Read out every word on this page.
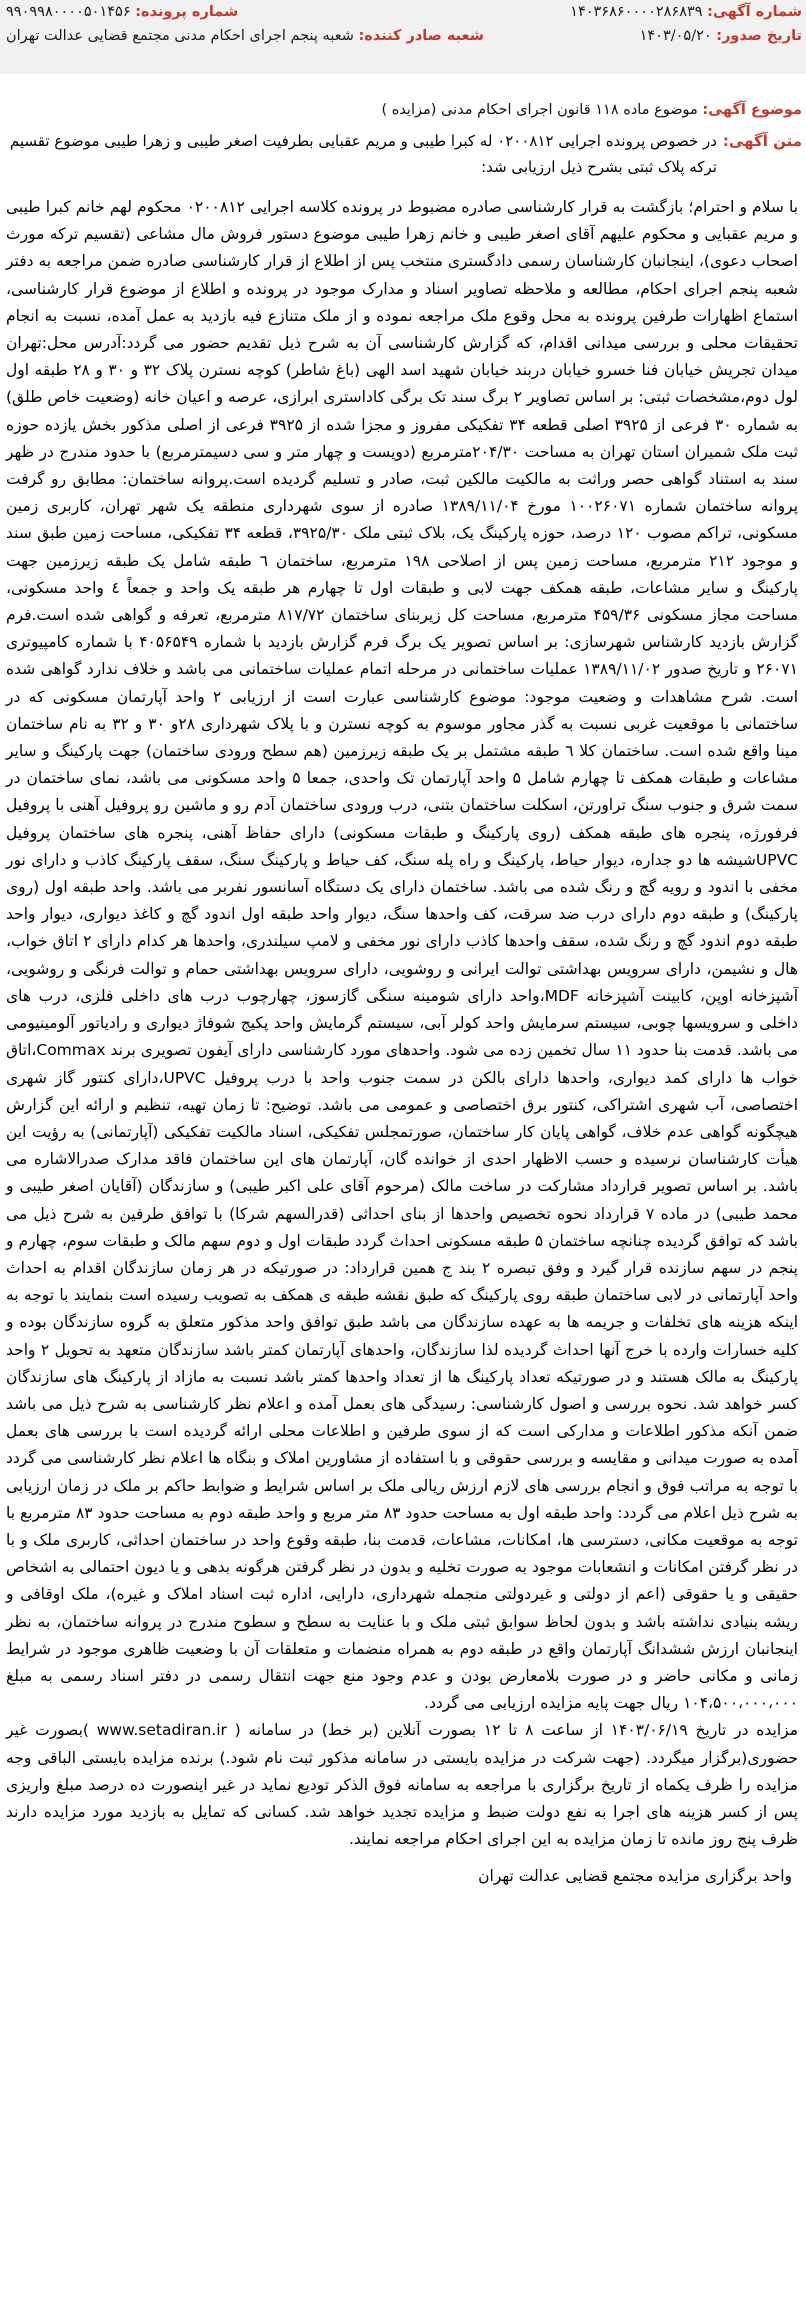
شماره آگهی: ۱۴۰۳۶۸۶۰۰۰۰۲۸۶۸۳۹
شماره پرونده: ۹۹۰۹۹۸۰۰۰۰۵۰۱۴۵۶
تاریخ صدور: ۱۴۰۳/۰۵/۲۰
شعبه صادر کننده: شعبه پنجم اجرای احکام مدنی مجتمع قضایی عدالت تهران
موضوع آگهی: موضوع ماده ۱۱۸ قانون اجرای احکام مدنی (مزایده )
متن آگهی:
در خصوص پرونده اجرایی ۰۲۰۰۸۱۲ له کبرا طیبی و مریم عقبایی بطرفیت اصغر طیبی و زهرا طیبی موضوع تقسیم ترکه پلاک ثبتی بشرح ذیل ارزیابی شد:

با سلام و احترام؛ بازگشت به قرار کارشناسی صادره مضبوط در پرونده کلاسه اجرایی ۰۲۰۰۸۱۲ محکوم لهم خانم کبرا طیبی و مریم عقبایی و محکوم علیهم آقای اصغر طیبی و خانم زهرا طیبی موضوع دستور فروش مال مشاعی (تقسیم ترکه مورث اصحاب دعوی)، اینجانبان کارشناسان رسمی دادگستری منتخب پس از اطلاع از قرار کارشناسی صادره ضمن مراجعه به دفتر شعبه پنجم اجرای احکام، مطالعه و ملاحظه تصاویر اسناد و مدارک موجود در پرونده و اطلاع از موضوع قرار کارشناسی، استماع اظهارات طرفین پرونده به محل وقوع ملک مراجعه نموده و از ملک متنازع فیه بازدید به عمل آمده، نسبت به انجام تحقیقات محلی و بررسی میدانی اقدام، که گزارش کارشناسی آن به شرح ذیل تقدیم حضور می گردد:آدرس محل:تهران میدان تجریش خیابان فنا خسرو خیابان دربند خیابان شهید اسد الهی (باغ شاطر) کوچه نسترن پلاک ۳۲ و ۳۰ و ۲۸ طبقه اول لول دوم،مشخصات ثبتی: بر اساس تصاویر ۲ برگ سند تک برگی کاداستری ابرازی، عرصه و اعیان خانه (وضعیت خاص طلق) به شماره ۳۰ فرعی از ۳۹۲۵ اصلی قطعه ۳۴ تفکیکی مفروز و مجزا شده از ۳۹۲۵ فرعی از اصلی مذکور بخش یازده حوزه ثبت ملک شمیران استان تهران به مساحت ۲۰۴/۳۰مترمربع (دویست و چهار متر و سی دسیمترمربع) با حدود مندرج در ظهر سند به استناد گواهی حصر وراثت به مالکیت مالکین ثبت، صادر و تسلیم گردیده است.پروانه ساختمان: مطابق رو گرفت پروانه ساختمان شماره ۱۰۰۲۶۰۷۱ مورخ ۱۳۸۹/۱۱/۰۴ صادره از سوی شهرداری منطقه یک شهر تهران، کاربری زمین مسکونی، تراکم مصوب ۱۲۰ درصد، حوزه پارکینگ یک، بلاک ثبتی ملک ۳۹۲۵/۳۰، قطعه ۳۴ تفکیکی، مساحت زمین طبق سند و موجود ۲۱۲ مترمربع، مساحت زمین پس از اصلاحی ۱۹۸ مترمربع، ساختمان ٦ طبقه شامل یک طبقه زیرزمین جهت پارکینگ و سایر مشاعات، طبقه همکف جهت لابی و طبقات اول تا چهارم هر طبقه یک واحد و جمعاً ٤ واحد مسکونی، مساحت مجاز مسکونی ۴۵۹/۳۶ مترمربع، مساحت کل زیربنای ساختمان ۸۱۷/۷۲ مترمربع، تعرفه و گواهی شده است.فرم گزارش بازدید کارشناس شهرسازی: بر اساس تصویر یک برگ فرم گزارش بازدید با شماره ۴۰۵۶۵۴۹ با شماره کامپیوتری ۲۶۰۷۱ و تاریخ صدور ۱۳۸۹/۱۱/۰۲ عملیات ساختمانی در مرحله اتمام عملیات ساختمانی می باشد و خلاف ندارد گواهی شده است. شرح مشاهدات و وضعیت موجود: موضوع کارشناسی عبارت است از ارزیابی ۲ واحد آپارتمان مسکونی که در ساختمانی با موقعیت غربی نسبت به گذر مجاور موسوم به کوچه نسترن و با پلاک شهرداری ۲۸و ۳۰ و ۳۲ به نام ساختمان مینا واقع شده است. ساختمان کلا ٦ طبقه مشتمل بر یک طبقه زیرزمین (هم سطح ورودی ساختمان) جهت پارکینگ و سایر مشاعات و طبقات همکف تا چهارم شامل ۵ واحد آپارتمان تک واحدی، جمعا ۵ واحد مسکونی می باشد، نمای ساختمان در سمت شرق و جنوب سنگ تراورتن، اسکلت ساختمان بتنی، درب ورودی ساختمان آدم رو و ماشین رو پروفیل آهنی با پروفیل فرفورژه، پنجره های طبقه همکف (روی پارکینگ و طبقات مسکونی) دارای حفاظ آهنی، پنجره های ساختمان پروفیل UPVCشیشه ها دو جداره، دیوار حیاط، پارکینگ و راه پله سنگ، کف حیاط و پارکینگ سنگ، سقف پارکینگ کاذب و دارای نور مخفی با اندود و رویه گچ و رنگ شده می باشد. ساختمان دارای یک دستگاه آسانسور نفربر می باشد. واحد طبقه اول (روی پارکینگ) و طبقه دوم دارای درب ضد سرقت، کف واحدها سنگ، دیوار واحد طبقه اول اندود گچ و کاغذ دیواری، دیوار واحد طبقه دوم اندود گچ و رنگ شده، سقف واحدها کاذب دارای نور مخفی و لامپ سیلندری، واحدها هر کدام دارای ۲ اتاق خواب، هال و نشیمن، دارای سرویس بهداشتی توالت ایرانی و روشویی، دارای سرویس بهداشتی حمام و توالت فرنگی و روشویی، آشپزخانه اوپن، کابینت آشپزخانه MDF،واحد دارای شومینه سنگی گازسوز، چهارچوب درب های داخلی فلزی، درب های داخلی و سرویسها چوبی، سیستم سرمایش واحد کولر آبی، سیستم گرمایش واحد پکیج شوفاژ دیواری و رادیاتور آلومینیومی می باشد. قدمت بنا حدود ۱۱ سال تخمین زده می شود. واحدهای مورد کارشناسی دارای آیفون تصویری برند Commax،اتاق خواب ها دارای کمد دیواری، واحدها دارای بالکن در سمت جنوب واحد با درب پروفیل UPVC،دارای کنتور گاز شهری اختصاصی، آب شهری اشتراکی، کنتور برق اختصاصی و عمومی می باشد. توضیح: تا زمان تهیه، تنظیم و ارائه این گزارش هیچگونه گواهی عدم خلاف، گواهی پایان کار ساختمان، صورتمجلس تفکیکی، اسناد مالکیت تفکیکی (آپارتمانی) به رؤیت این هیأت کارشناسان نرسیده و حسب الاظهار احدی از خوانده گان، آپارتمان های این ساختمان فاقد مدارک صدرالاشاره می باشد. بر اساس تصویر قرارداد مشارکت در ساخت مالک (مرحوم آقای علی اکبر طیبی) و سازندگان (آقایان اصغر طیبی و محمد طیبی) در ماده ۷ قرارداد نحوه تخصیص واحدها از بنای احداثی (قدرالسهم شرکا) با توافق طرفین به شرح ذیل می باشد که توافق گردیده چنانچه ساختمان ۵ طبقه مسکونی احداث گردد طبقات اول و دوم سهم مالک و طبقات سوم، چهارم و پنجم در سهم سازنده قرار گیرد و وفق تبصره ۲ بند ج همین قرارداد: در صورتیکه در هر زمان سازندگان اقدام به احداث واحد آپارتمانی در لابی ساختمان طبقه روی پارکینگ که طبق نقشه طبقه ی همکف به تصویب رسیده است بنمایند با توجه به اینکه هزینه های تخلفات و جریمه ها به عهده سازندگان می باشد طبق توافق واحد مذکور متعلق به گروه سازندگان بوده و کلیه خسارات وارده با خرج آنها احداث گردیده لذا سازندگان، واحدهای آپارتمان کمتر باشد سازندگان متعهد به تحویل ۲ واحد پارکینگ به مالک هستند و در صورتیکه تعداد پارکینگ ها از تعداد واحدها کمتر باشد نسبت به مازاد از پارکینگ های سازندگان کسر خواهد شد. نحوه بررسی و اصول کارشناسی: رسیدگی های بعمل آمده و اعلام نظر کارشناسی به شرح ذیل می باشد ضمن آنکه مذکور اطلاعات و مدارکی است که از سوی طرفین و اطلاعات محلی ارائه گردیده است با بررسی های بعمل آمده به صورت میدانی و مقایسه و بررسی حقوقی و با استفاده از مشاورین املاک و بنگاه ها اعلام نظر کارشناسی می گردد با توجه به مراتب فوق و انجام بررسی های لازم ارزش ریالی ملک بر اساس شرایط و ضوابط حاکم بر ملک در زمان ارزیابی به شرح ذیل اعلام می گردد: واحد طبقه اول به مساحت حدود ۸۳ متر مربع و واحد طبقه دوم به مساحت حدود ۸۳ مترمربع با توجه به موقعیت مکانی، دسترسی ها، امکانات، مشاعات، قدمت بنا، طبقه وقوع واحد در ساختمان احداثی، کاربری ملک و با در نظر گرفتن امکانات و انشعابات موجود به صورت تخلیه و بدون در نظر گرفتن هرگونه بدهی و یا دیون احتمالی به اشخاص حقیقی و یا حقوقی (اعم از دولتی و غیردولتی منجمله شهرداری، دارایی، اداره ثبت اسناد املاک و غیره)، ملک اوقافی و ریشه بنیادی نداشته باشد و بدون لحاظ سوابق ثبتی ملک و با عنایت به سطح و سطوح مندرج در پروانه ساختمان، به نظر اینجانبان ارزش ششدانگ آپارتمان واقع در طبقه دوم به همراه منضمات و متعلقات آن با وضعیت ظاهری موجود در شرایط زمانی و مکانی حاضر و در صورت بلامعارض بودن و عدم وجود منع جهت انتقال رسمی در دفتر اسناد رسمی به مبلغ ۱۰۴،۵۰۰،۰۰۰،۰۰۰ ریال جهت پایه مزایده ارزیابی می گردد.

مزایده در تاریخ ۱۴۰۳/۰۶/۱۹ از ساعت ۸ تا ۱۲ بصورت آنلاین (بر خط) در سامانه ( www.setadiran.ir )بصورت غیر حضوری(برگزار میگردد. (جهت شرکت در مزایده بایستی در سامانه مذکور ثبت نام شود.) برنده مزایده بایستی الباقی وجه مزایده را ظرف یکماه از تاریخ برگزاری با مراجعه به سامانه فوق الذکر تودیع نماید در غیر اینصورت ده درصد مبلغ واریزی پس از کسر هزینه های اجرا به نفع دولت ضبط و مزایده تجدید خواهد شد. کسانی که تمایل به بازدید مورد مزایده دارند ظرف پنج روز مانده تا زمان مزایده به این اجرای احکام مراجعه نمایند.

واحد برگزاری مزایده مجتمع قضایی عدالت تهران
